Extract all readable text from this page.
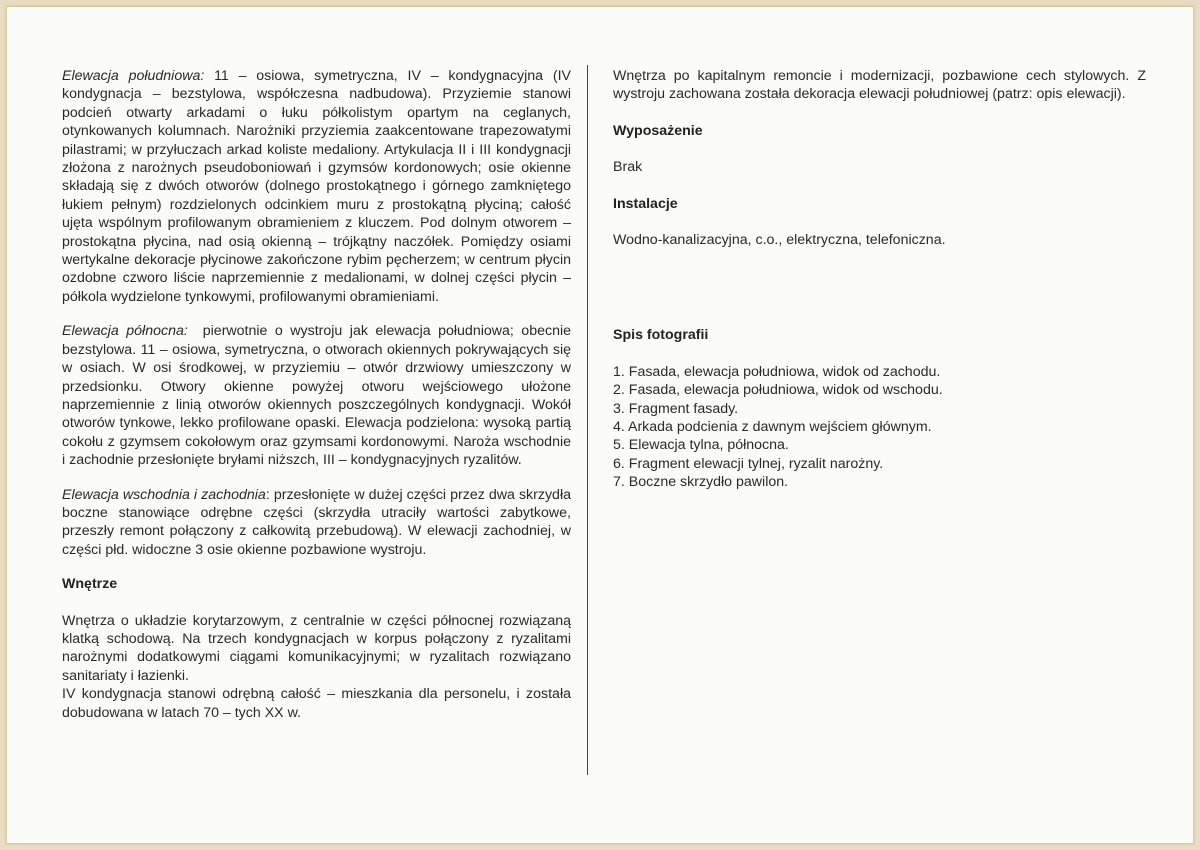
Elewacja południowa: 11 – osiowa, symetryczna, IV – kondygnacyjna (IV kondygnacja – bezstylowa, współczesna nadbudowa). Przyziemie stanowi podcień otwarty arkadami o łuku półkolistym opartym na ceglanych, otynkowanych kolumnach. Narożniki przyziemia zaakcentowane trapezowatymi pilastrami; w przyłuczach arkad koliste medaliony. Artykulacja II i III kondygnacji złożona z narożnych pseudoboniowań i gzymsów kordonowych; osie okienne składają się z dwóch otworów (dolnego prostokątnego i górnego zamkniętego łukiem pełnym) rozdzielonych odcinkiem muru z prostokątną płyciną; całość ujęta wspólnym profilowanym obramieniem z kluczem. Pod dolnym otworem – prostokątna płycina, nad osią okienną – trójkątny naczółek. Pomiędzy osiami wertykalne dekoracje płycinowe zakończone rybim pęcherzem; w centrum płycin ozdobne czworo liście naprzemiennie z medalionami, w dolnej części płycin – półkola wydzielone tynkowymi, profilowanymi obramieniami.

Elewacja północna:  pierwotnie o wystroju jak elewacja południowa; obecnie bezstylowa. 11 – osiowa, symetryczna, o otworach okiennych pokrywających się w osiach. W osi środkowej, w przyziemiu – otwór drzwiowy umieszczony w przedsionku. Otwory okienne powyżej otworu wejściowego ułożone naprzemiennie z linią otworów okiennych poszczególnych kondygnacji. Wokół otworów tynkowe, lekko profilowane opaski. Elewacja podzielona: wysoką partią cokołu z gzymsem cokołowym oraz gzymsami kordonowymi. Naroża wschodnie i zachodnie przesłonięte bryłami niższch, III – kondygnacyjnych ryzalitów.

Elewacja wschodnia i zachodnia: przesłonięte w dużej części przez dwa skrzydła boczne stanowiące odrębne części (skrzydła utraciły wartości zabytkowe, przeszły remont połączony z całkowitą przebudową). W elewacji zachodniej, w części płd. widoczne 3 osie okienne pozbawione wystroju.

Wnętrze

Wnętrza o układzie korytarzowym, z centralnie w części północnej rozwiązaną klatką schodową. Na trzech kondygnacjach w korpus połączony z ryzalitami narożnymi dodatkowymi ciągami komunikacyjnymi; w ryzalitach rozwiązano sanitariaty i łazienki.

IV kondygnacja stanowi odrębną całość – mieszkania dla personelu, i została dobudowana w latach 70 – tych XX w.

Wnętrza po kapitalnym remoncie i modernizacji, pozbawione cech stylowych. Z wystroju zachowana została dekoracja elewacji południowej (patrz: opis elewacji).

Wyposażenie

Brak

Instalacje

Wodno-kanalizacyjna, c.o., elektryczna, telefoniczna.

Spis fotografii
1. Fasada, elewacja południowa, widok od zachodu.
2. Fasada, elewacja południowa, widok od wschodu.
3. Fragment fasady.
4. Arkada podcienia z dawnym wejściem głównym.
5. Elewacja tylna, północna.
6. Fragment elewacji tylnej, ryzalit narożny.
7. Boczne skrzydło pawilon.
